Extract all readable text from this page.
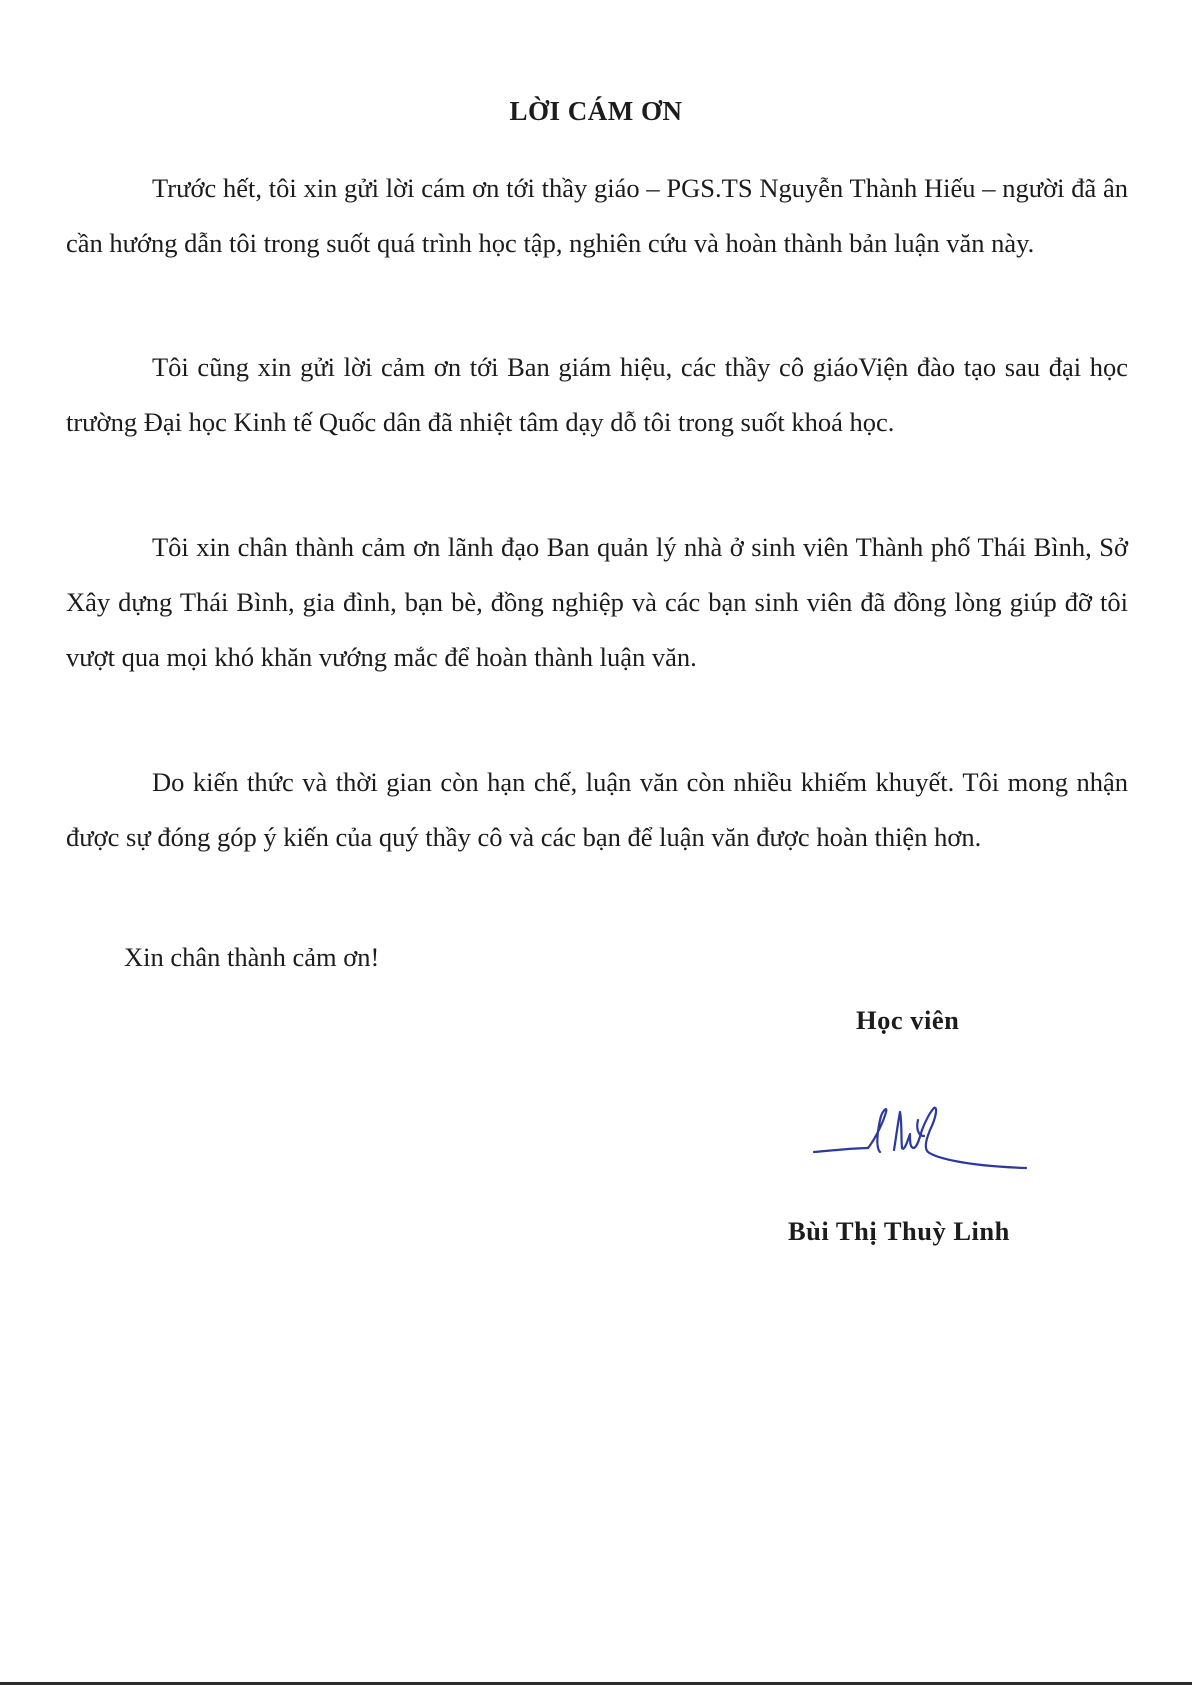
LỜI CÁM ƠN

Trước hết, tôi xin gửi lời cám ơn tới thầy giáo – PGS.TS Nguyễn Thành Hiếu – người đã ân cần hướng dẫn tôi trong suốt quá trình học tập, nghiên cứu và hoàn thành bản luận văn này.

Tôi cũng xin gửi lời cảm ơn tới Ban giám hiệu, các thầy cô giáoViện đào tạo sau đại học trường Đại học Kinh tế Quốc dân đã nhiệt tâm dạy dỗ tôi trong suốt khoá học.

Tôi xin chân thành cảm ơn lãnh đạo Ban quản lý nhà ở sinh viên Thành phố Thái Bình, Sở Xây dựng Thái Bình, gia đình, bạn bè, đồng nghiệp và các bạn sinh viên đã đồng lòng giúp đỡ tôi vượt qua mọi khó khăn vướng mắc để hoàn thành luận văn.

Do kiến thức và thời gian còn hạn chế, luận văn còn nhiều khiếm khuyết. Tôi mong nhận được sự đóng góp ý kiến của quý thầy cô và các bạn để luận văn được hoàn thiện hơn.

Xin chân thành cảm ơn!
Học viên
Bùi Thị Thuỳ Linh
